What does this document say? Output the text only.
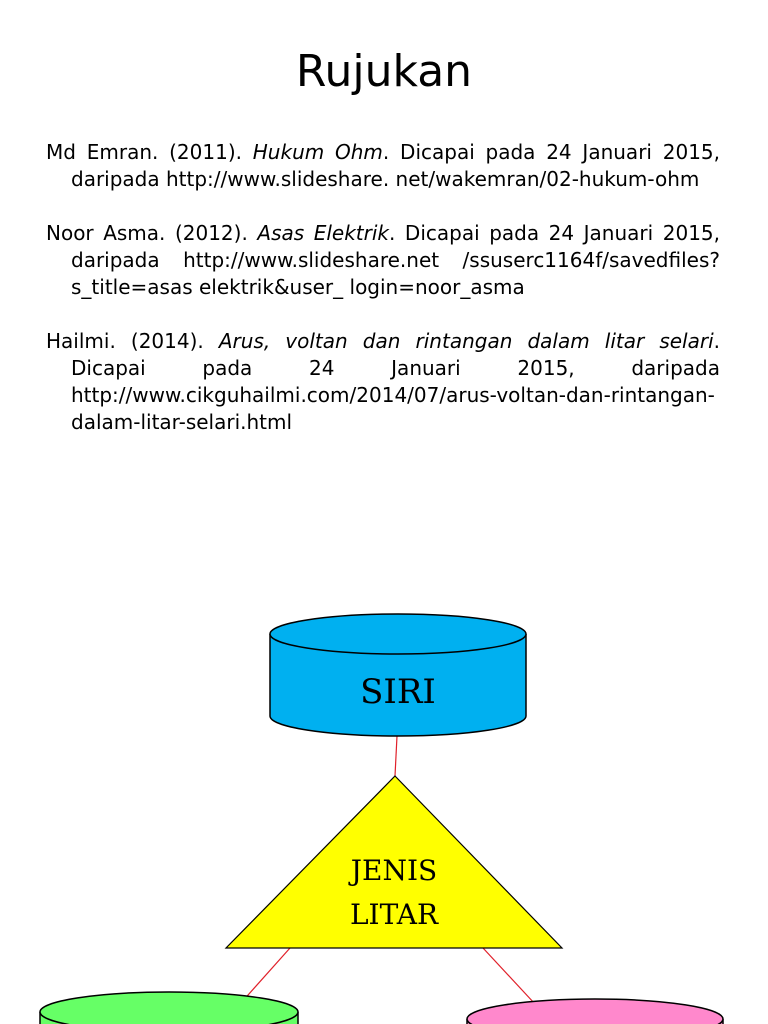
Rujukan

Md Emran. (2011). Hukum Ohm. Dicapai pada 24 Januari 2015, daripada http://www.slideshare. net/wakemran/02-hukum-ohm

Noor Asma. (2012). Asas Elektrik. Dicapai pada 24 Januari 2015, daripada http://www.slideshare.net /ssuserc1164f/savedfiles?s_title=asas elektrik&user_ login=noor_asma

Hailmi. (2014). Arus, voltan dan rintangan dalam litar selari. Dicapai pada 24 Januari 2015, daripada http://www.cikguhailmi.com/2014/07/arus-voltan-dan-rintangan-dalam-litar-selari.html

SIRI
JENIS
LITAR
